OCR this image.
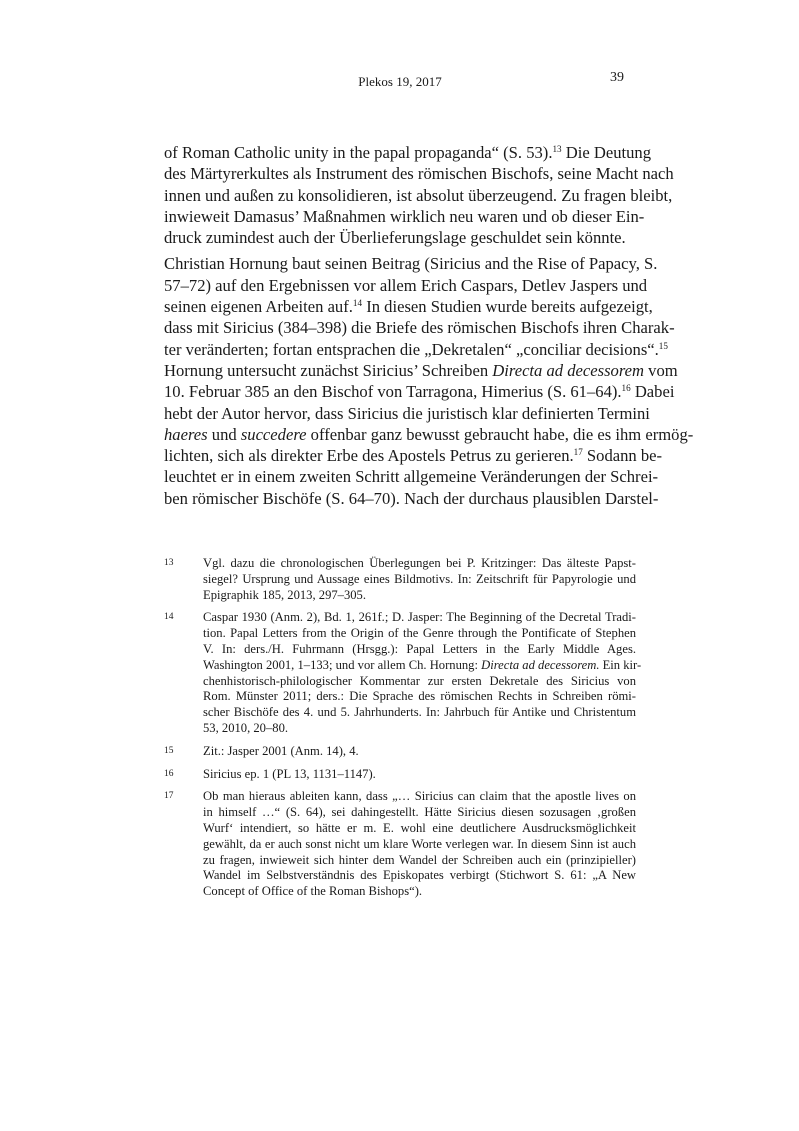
Plekos 19, 2017	39
of Roman Catholic unity in the papal propaganda“ (S. 53).$^{13}$ Die Deutung
des Märtyrerkultes als Instrument des römischen Bischofs, seine Macht nach
innen und außen zu konsolidieren, ist absolut überzeugend. Zu fragen bleibt,
inwieweit Damasus’ Maßnahmen wirklich neu waren und ob dieser Ein-
druck zumindest auch der Überlieferungslage geschuldet sein könnte.
Christian Hornung baut seinen Beitrag (Siricius and the Rise of Papacy, S.
57–72) auf den Ergebnissen vor allem Erich Caspars, Detlev Jaspers und
seinen eigenen Arbeiten auf.$^{14}$ In diesen Studien wurde bereits aufgezeigt,
dass mit Siricius (384–398) die Briefe des römischen Bischofs ihren Charak-
ter veränderten; fortan entsprachen die „Dekretalen“ „conciliar decisions“.$^{15}$
Hornung untersucht zunächst Siricius’ Schreiben Directa ad decessorem vom
10. Februar 385 an den Bischof von Tarragona, Himerius (S. 61–64).$^{16}$ Dabei
hebt der Autor hervor, dass Siricius die juristisch klar definierten Termini
haeres und succedere offenbar ganz bewusst gebraucht habe, die es ihm ermög-
lichten, sich als direkter Erbe des Apostels Petrus zu gerieren.$^{17}$ Sodann be-
leuchtet er in einem zweiten Schritt allgemeine Veränderungen der Schrei-
ben römischer Bischöfe (S. 64–70). Nach der durchaus plausiblen Darstel-
13 Vgl. dazu die chronologischen Überlegungen bei P. Kritzinger: Das älteste Papst-
siegel? Ursprung und Aussage eines Bildmotivs. In: Zeitschrift für Papyrologie und
Epigraphik 185, 2013, 297–305.
14 Caspar 1930 (Anm. 2), Bd. 1, 261f.; D. Jasper: The Beginning of the Decretal Tradi-
tion. Papal Letters from the Origin of the Genre through the Pontificate of Stephen
V. In: ders./H. Fuhrmann (Hrsgg.): Papal Letters in the Early Middle Ages.
Washington 2001, 1–133; und vor allem Ch. Hornung: Directa ad decessorem. Ein kir-
chenhistorisch-philologischer Kommentar zur ersten Dekretale des Siricius von
Rom. Münster 2011; ders.: Die Sprache des römischen Rechts in Schreiben römi-
scher Bischöfe des 4. und 5. Jahrhunderts. In: Jahrbuch für Antike und Christentum
53, 2010, 20–80.
15 Zit.: Jasper 2001 (Anm. 14), 4.
16 Siricius ep. 1 (PL 13, 1131–1147).
17 Ob man hieraus ableiten kann, dass „… Siricius can claim that the apostle lives on
in himself …“ (S. 64), sei dahingestellt. Hätte Siricius diesen sozusagen ‚großen
Wurf‘ intendiert, so hätte er m. E. wohl eine deutlichere Ausdrucksmöglichkeit
gewählt, da er auch sonst nicht um klare Worte verlegen war. In diesem Sinn ist auch
zu fragen, inwieweit sich hinter dem Wandel der Schreiben auch ein (prinzipieller)
Wandel im Selbstverständnis des Episkopates verbirgt (Stichwort S. 61: „A New
Concept of Office of the Roman Bishops“).
